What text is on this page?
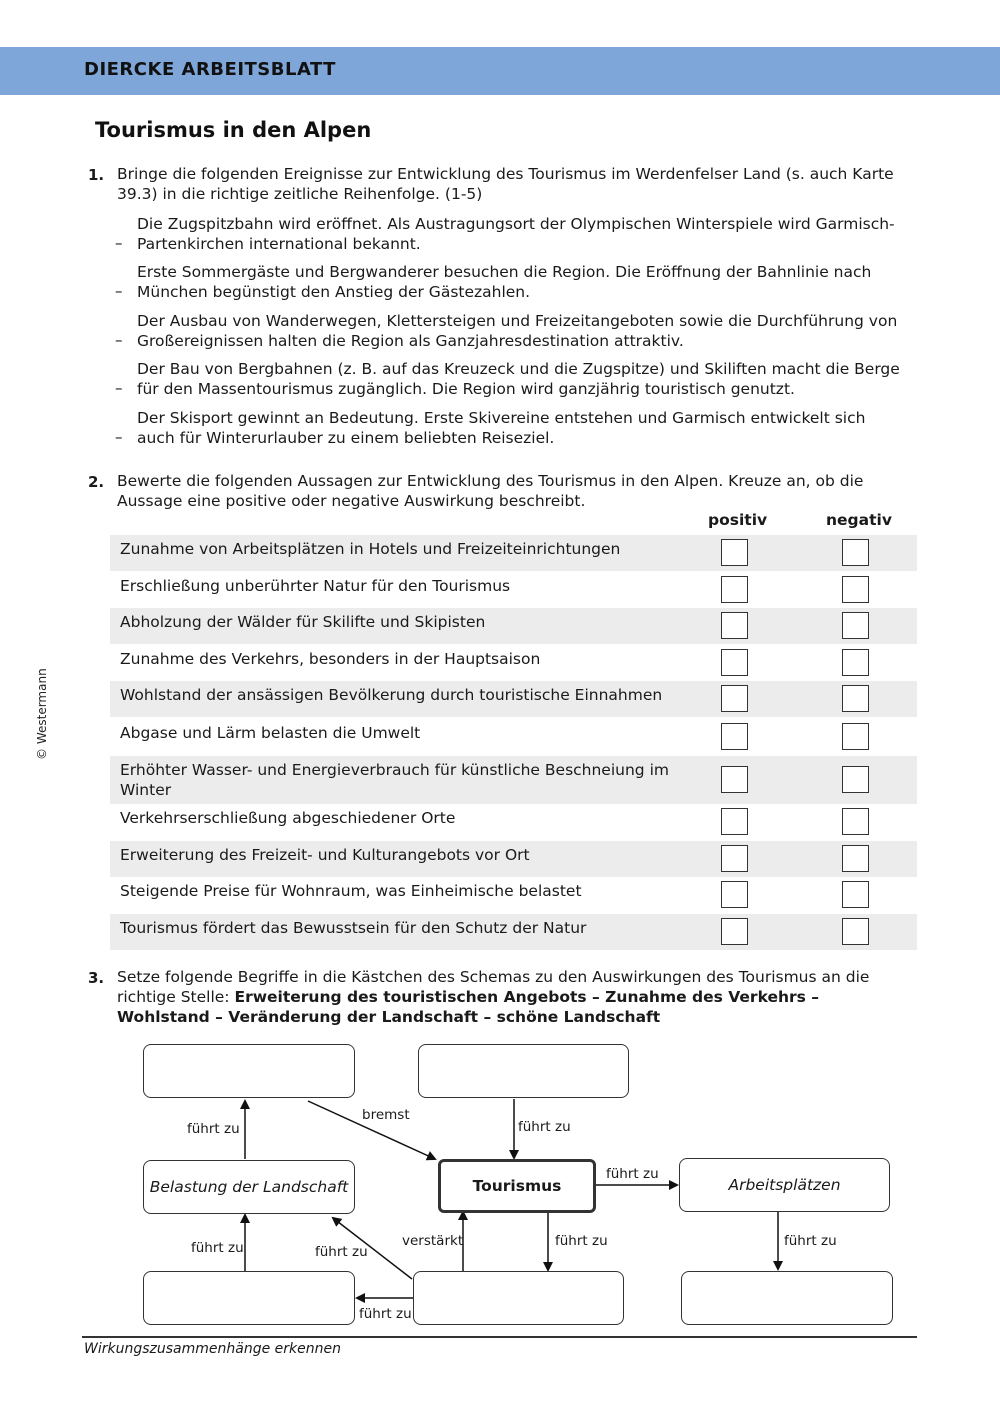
DIERCKE ARBEITSBLATT
Tourismus in den Alpen
© Westermann
1. Bringe die folgenden Ereignisse zur Entwicklung des Tourismus im Werdenfelser Land (s. auch Karte 39.3) in die richtige zeitliche Reihenfolge. (1-5)
–
Die Zugspitzbahn wird eröffnet. Als Austragungsort der Olympischen Winterspiele wird Garmisch-Partenkirchen international bekannt.
–
Erste Sommergäste und Bergwanderer besuchen die Region. Die Eröffnung der Bahnlinie nach München begünstigt den Anstieg der Gästezahlen.
–
Der Ausbau von Wanderwegen, Klettersteigen und Freizeitangeboten sowie die Durchführung von Großereignissen halten die Region als Ganzjahresdestination attraktiv.
–
Der Bau von Bergbahnen (z. B. auf das Kreuzeck und die Zugspitze) und Skiliften macht die Berge für den Massentourismus zugänglich. Die Region wird ganzjährig touristisch genutzt.
–
Der Skisport gewinnt an Bedeutung. Erste Skivereine entstehen und Garmisch entwickelt sich auch für Winterurlauber zu einem beliebten Reiseziel.
2. Bewerte die folgenden Aussagen zur Entwicklung des Tourismus in den Alpen. Kreuze an, ob die Aussage eine positive oder negative Auswirkung beschreibt.
positiv	negativ
Zunahme von Arbeitsplätzen in Hotels und Freizeiteinrichtungen
Erschließung unberührter Natur für den Tourismus
Abholzung der Wälder für Skilifte und Skipisten
Zunahme des Verkehrs, besonders in der Hauptsaison
Wohlstand der ansässigen Bevölkerung durch touristische Einnahmen
Abgase und Lärm belasten die Umwelt
Erhöhter Wasser- und Energieverbrauch für künstliche Beschneiung im Winter
Verkehrserschließung abgeschiedener Orte
Erweiterung des Freizeit- und Kulturangebots vor Ort
Steigende Preise für Wohnraum, was Einheimische belastet
Tourismus fördert das Bewusstsein für den Schutz der Natur
3. Setze folgende Begriffe in die Kästchen des Schemas zu den Auswirkungen des Tourismus an die richtige Stelle: Erweiterung des touristischen Angebots – Zunahme des Verkehrs – Wohlstand – Veränderung der Landschaft – schöne Landschaft
Belastung der Landschaft	Tourismus	Arbeitsplätzen
führt zu
bremst
führt zu
führt zu
führt zu
führt zu
verstärkt
führt zu
führt zu
führt zu
Wirkungszusammenhänge erkennen
